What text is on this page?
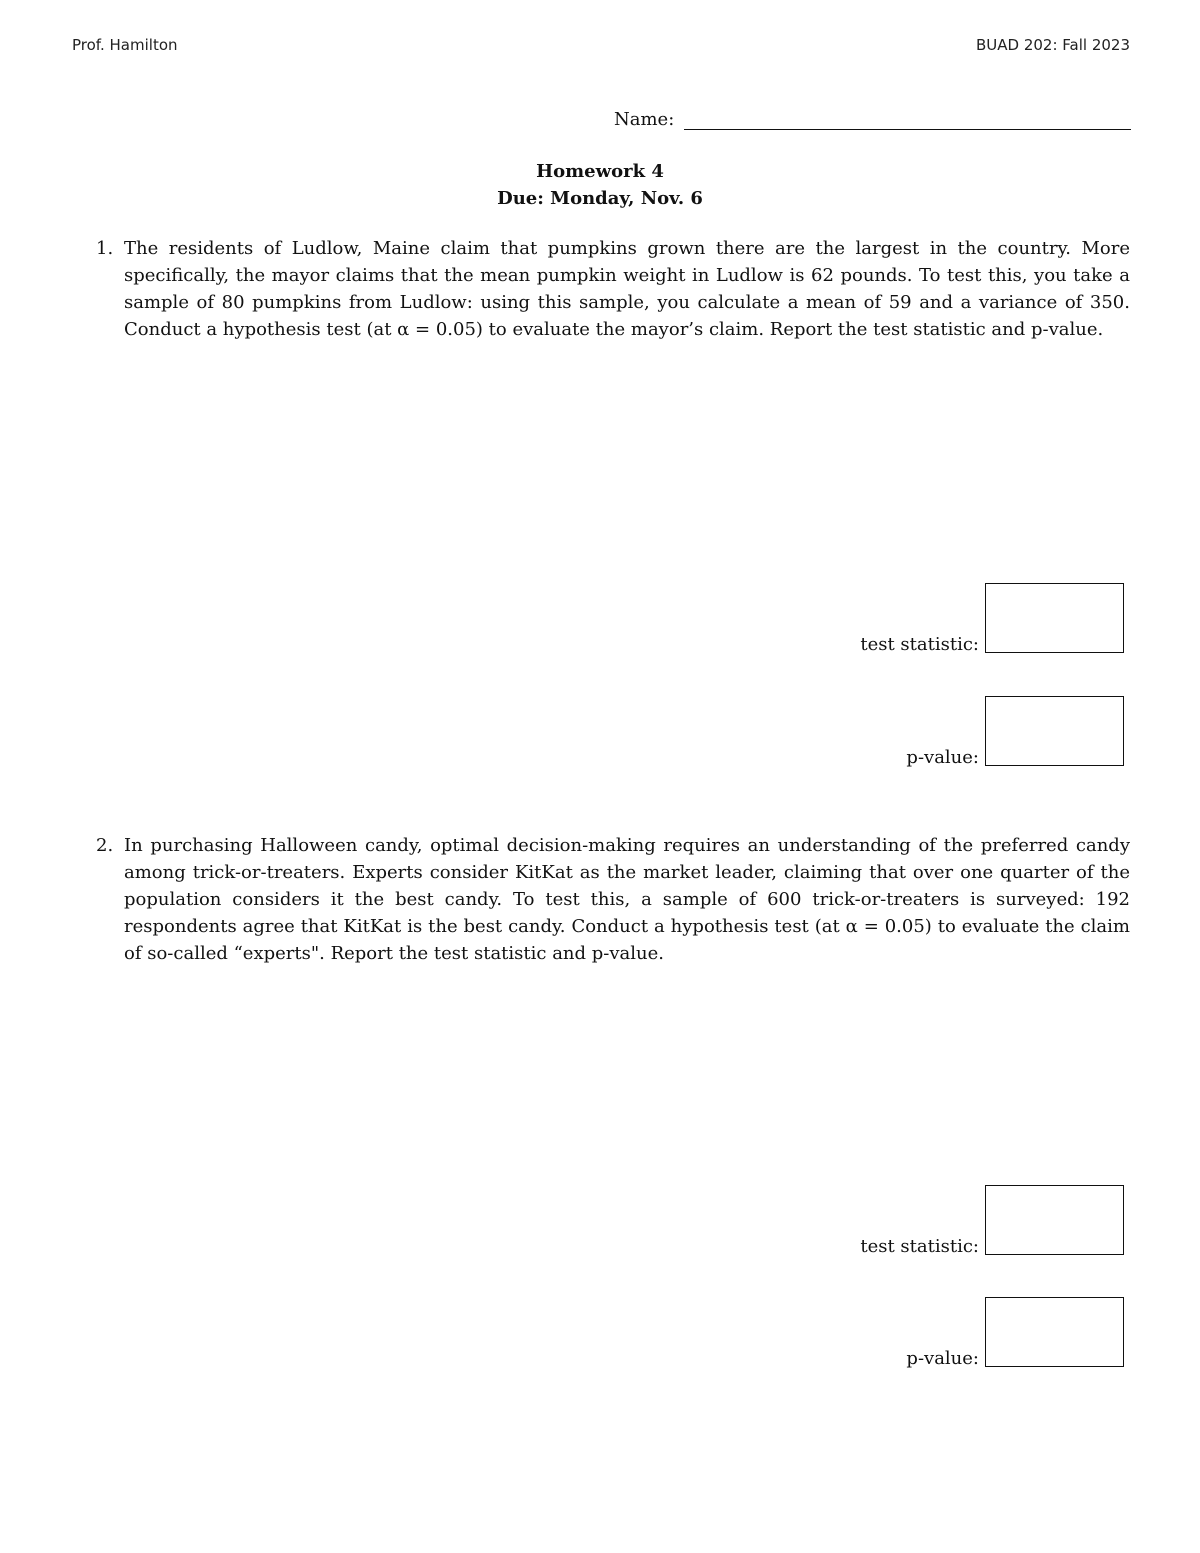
Prof. Hamilton	BUAD 202: Fall 2023
Name:
Homework 4
Due: Monday, Nov. 6
1. The residents of Ludlow, Maine claim that pumpkins grown there are the largest in the country. More specifically, the mayor claims that the mean pumpkin weight in Ludlow is 62 pounds. To test this, you take a sample of 80 pumpkins from Ludlow: using this sample, you calculate a mean of 59 and a variance of 350. Conduct a hypothesis test (at α = 0.05) to evaluate the mayor’s claim. Report the test statistic and p-value.
test statistic:
p-value:
2. In purchasing Halloween candy, optimal decision-making requires an understanding of the preferred candy among trick-or-treaters. Experts consider KitKat as the market leader, claiming that over one quarter of the population considers it the best candy. To test this, a sample of 600 trick-or-treaters is surveyed: 192 respondents agree that KitKat is the best candy. Conduct a hypothesis test (at α = 0.05) to evaluate the claim of so-called “experts". Report the test statistic and p-value.
test statistic:
p-value:
